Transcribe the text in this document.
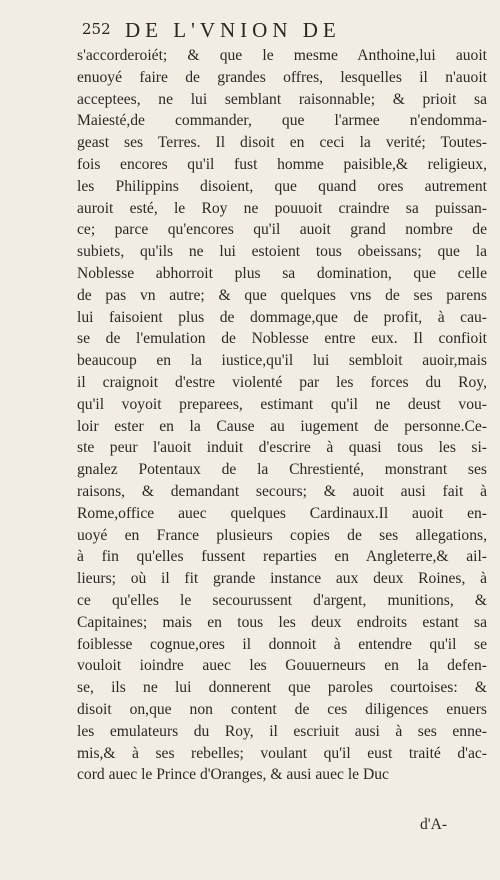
252 DE L'VNION DE
s'accorderoiét; & que le mesme Anthoine,lui auoit
enuoyé faire de grandes offres, lesquelles il n'auoit
acceptees, ne lui semblant raisonnable; & prioit sa
Maiesté,de commander, que l'armee n'endomma-
geast ses Terres. Il disoit en ceci la verité; Toutes-
fois encores qu'il fust homme paisible,& religieux,
les Philippins disoient, que quand ores autrement
auroit esté, le Roy ne pouuoit craindre sa puissan-
ce; parce qu'encores qu'il auoit grand nombre de
subiets, qu'ils ne lui estoient tous obeissans; que la
Noblesse abhorroit plus sa domination, que celle
de pas vn autre; & que quelques vns de ses parens
lui faisoient plus de dommage,que de profit, à cau-
se de l'emulation de Noblesse entre eux. Il confioit
beaucoup en la iustice,qu'il lui sembloit auoir,mais
il craignoit d'estre violenté par les forces du Roy,
qu'il voyoit preparees, estimant qu'il ne deust vou-
loir ester en la Cause au iugement de personne.Ce-
ste peur l'auoit induit d'escrire à quasi tous les si-
gnalez Potentaux de la Chrestienté, monstrant ses
raisons, & demandant secours; & auoit ausi fait à
Rome,office auec quelques Cardinaux.Il auoit en-
uoyé en France plusieurs copies de ses allegations,
à fin qu'elles fussent reparties en Angleterre,& ail-
lieurs; où il fit grande instance aux deux Roines, à
ce qu'elles le secourussent d'argent, munitions, &
Capitaines; mais en tous les deux endroits estant sa
foiblesse cognue,ores il donnoit à entendre qu'il se
vouloit ioindre auec les Gouuerneurs en la defen-
se, ils ne lui donnerent que paroles courtoises: &
disoit on,que non content de ces diligences enuers
les emulateurs du Roy, il escriuit ausi à ses enne-
mis,& à ses rebelles; voulant qu'il eust traité d'ac-
cord auec le Prince d'Oranges, & ausi auec le Duc
d'A-
